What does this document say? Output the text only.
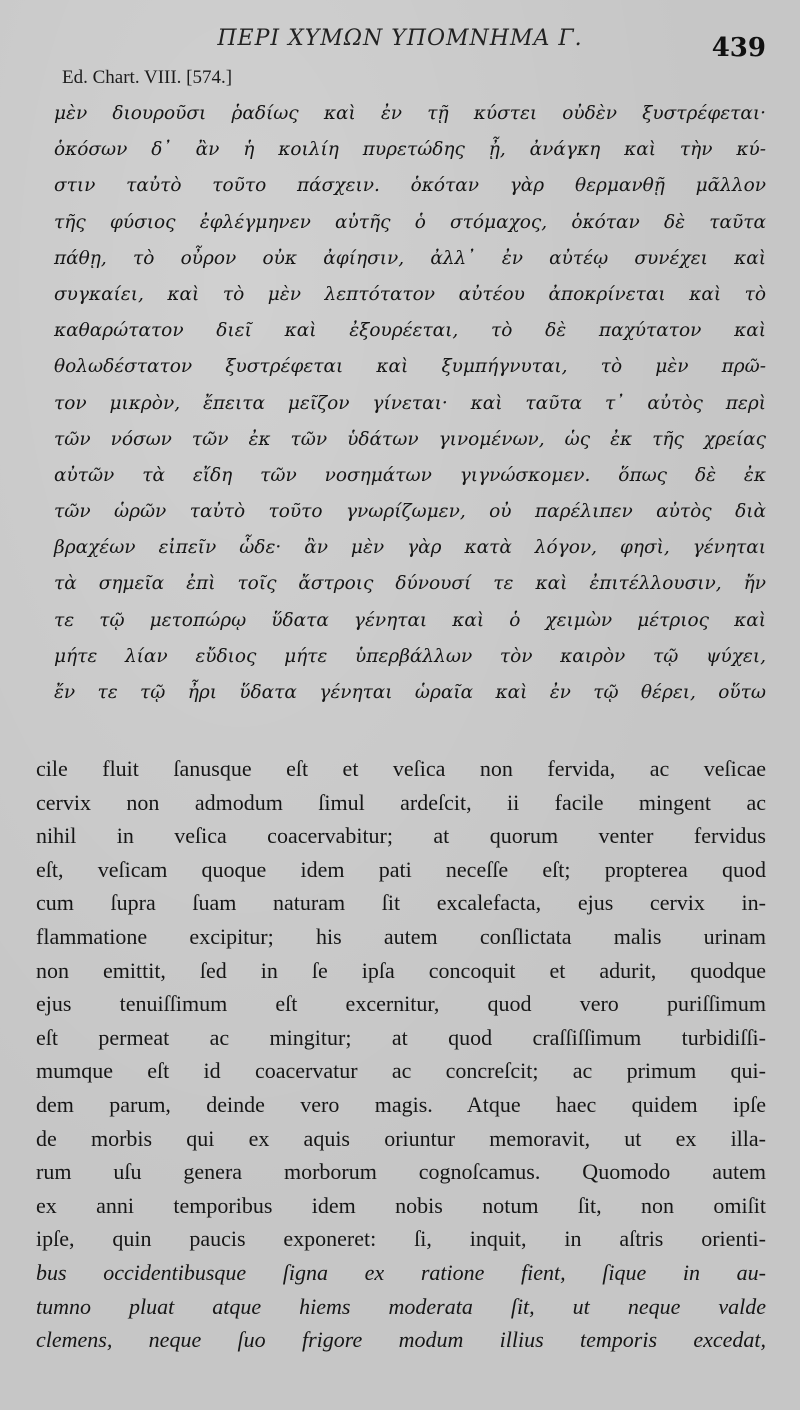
ΠΕΡΙ ΧΥΜΩΝ ΥΠΟΜΝΗΜΑ Γ.	439
Ed. Chart. VIII. [574.]
μὲν διουροῦσι ῥαδίως καὶ ἐν τῇ κύστει οὐδὲν ξυστρέφεται·
ὁκόσων δ᾽ ἂν ἡ κοιλίη πυρετώδης ᾖ, ἀνάγκη καὶ τὴν κύ-
στιν ταὐτὸ τοῦτο πάσχειν. ὁκόταν γὰρ θερμανθῇ μᾶλλον
τῆς φύσιος ἐφλέγμηνεν αὐτῆς ὁ στόμαχος, ὁκόταν δὲ ταῦτα
πάθῃ, τὸ οὖρον οὐκ ἀφίησιν, ἀλλ᾽ ἐν αὐτέῳ συνέχει καὶ
συγκαίει, καὶ τὸ μὲν λεπτότατον αὐτέου ἀποκρίνεται καὶ τὸ
καθαρώτατον διεῖ καὶ ἐξουρέεται, τὸ δὲ παχύτατον καὶ
θολωδέστατον ξυστρέφεται καὶ ξυμπήγνυται, τὸ μὲν πρῶ-
τον μικρὸν, ἔπειτα μεῖζον γίνεται· καὶ ταῦτα τ᾽ αὐτὸς περὶ
τῶν νόσων τῶν ἐκ τῶν ὑδάτων γινομένων, ὡς ἐκ τῆς χρείας
αὐτῶν τὰ εἴδη τῶν νοσημάτων γιγνώσκομεν. ὅπως δὲ ἐκ
τῶν ὡρῶν ταὐτὸ τοῦτο γνωρίζωμεν, οὐ παρέλιπεν αὐτὸς διὰ
βραχέων εἰπεῖν ὧδε· ἂν μὲν γὰρ κατὰ λόγον, φησὶ, γένηται
τὰ σημεῖα ἐπὶ τοῖς ἄστροις δύνουσί τε καὶ ἐπιτέλλουσιν, ἤν
τε τῷ μετοπώρῳ ὕδατα γένηται καὶ ὁ χειμὼν μέτριος καὶ
μήτε λίαν εὔδιος μήτε ὑπερβάλλων τὸν καιρὸν τῷ ψύχει,
ἔν τε τῷ ἦρι ὕδατα γένηται ὡραῖα καὶ ἐν τῷ θέρει, οὕτω
cile fluit ſanusque eſt et veſica non fervida, ac veſicae
cervix non admodum ſimul ardeſcit, ii facile mingent ac
nihil in veſica coacervabitur; at quorum venter fervidus
eſt, veſicam quoque idem pati neceſſe eſt; propterea quod
cum ſupra ſuam naturam ſit excalefacta, ejus cervix in-
flammatione excipitur; his autem conſlictata malis urinam
non emittit, ſed in ſe ipſa concoquit et adurit, quodque
ejus tenuiſſimum eſt excernitur, quod vero puriſſimum
eſt permeat ac mingitur; at quod craſſiſſimum turbidiſſi-
mumque eſt id coacervatur ac concreſcit; ac primum qui-
dem parum, deinde vero magis. Atque haec quidem ipſe
de morbis qui ex aquis oriuntur memoravit, ut ex illa-
rum uſu genera morborum cognoſcamus. Quomodo autem
ex anni temporibus idem nobis notum ſit, non omiſit
ipſe, quin paucis exponeret: ſi, inquit, in aſtris orienti-
bus occidentibusque ſigna ex ratione fient, ſique in au-
tumno pluat atque hiems moderata ſit, ut neque valde
clemens, neque ſuo frigore modum illius temporis excedat,
